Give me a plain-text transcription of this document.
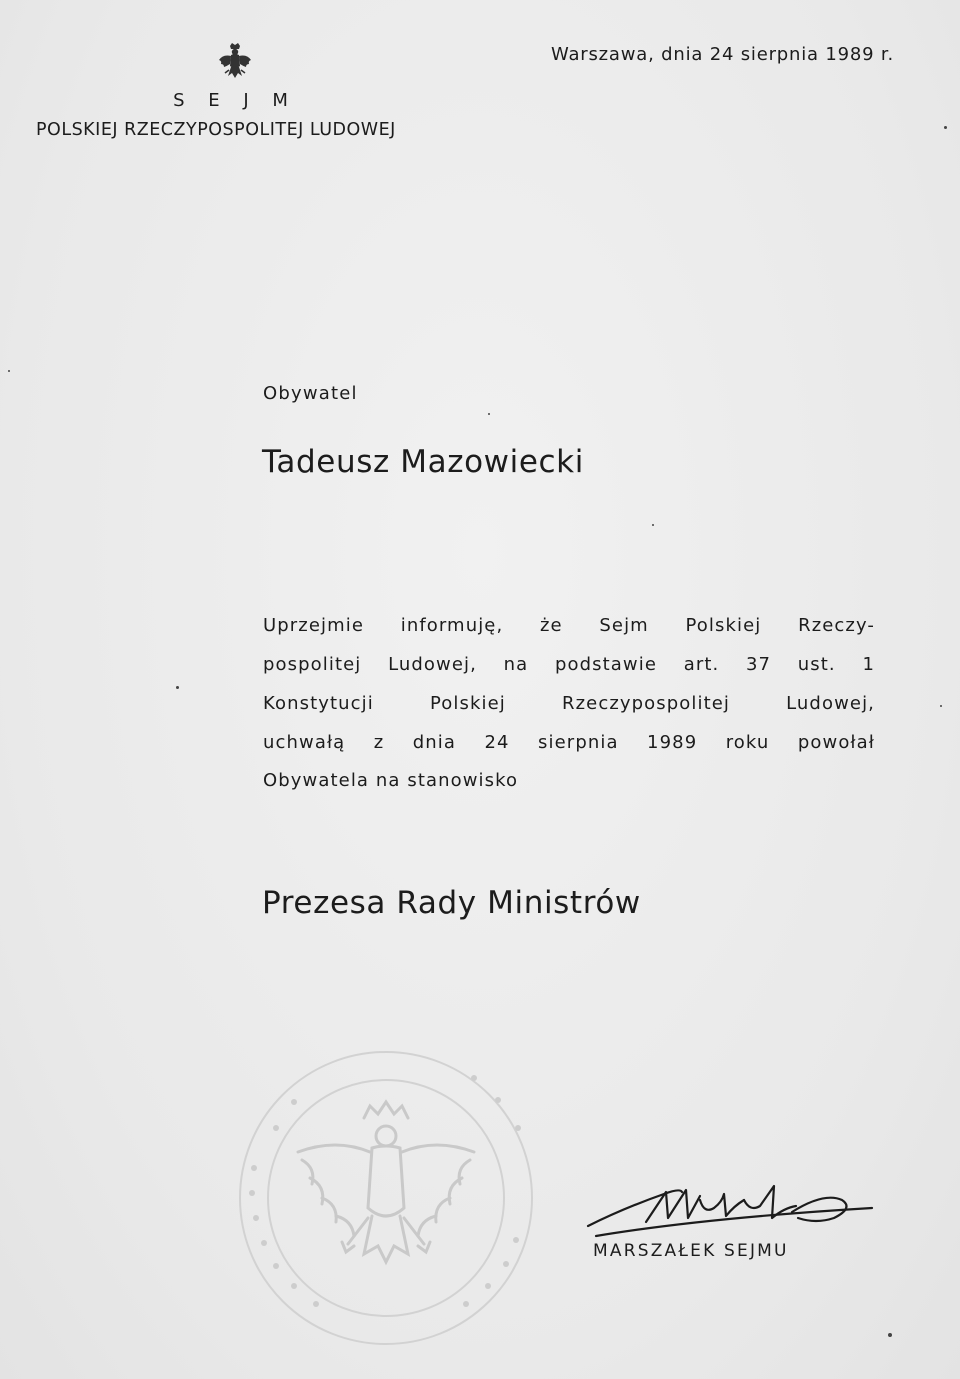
S E J M
POLSKIEJ RZECZYPOSPOLITEJ LUDOWEJ
Warszawa, dnia 24 sierpnia 1989 r.
Obywatel
Tadeusz Mazowiecki
Uprzejmie informuję, że Sejm Polskiej Rzeczy-
pospolitej Ludowej, na podstawie art. 37 ust. 1
Konstytucji Polskiej Rzeczypospolitej Ludowej,
uchwałą z dnia 24 sierpnia 1989 roku powołał
Obywatela na stanowisko
Prezesa Rady Ministrów
MARSZAŁEK SEJMU
